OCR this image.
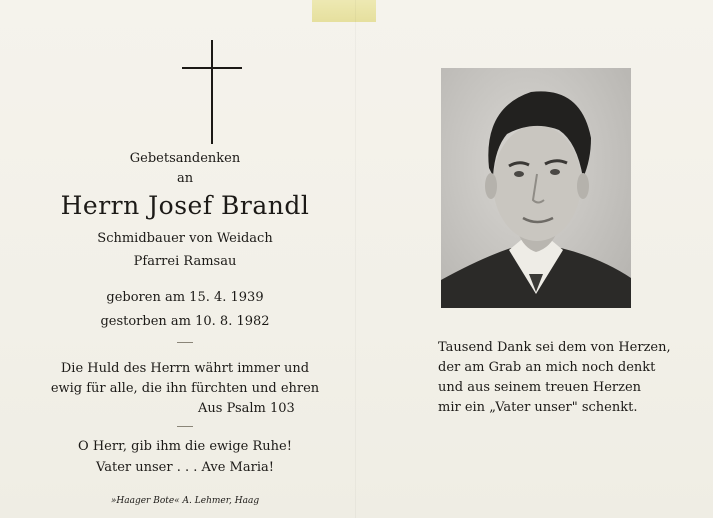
Gebetsandenken
an
Herrn Josef Brandl
Schmidbauer von Weidach
Pfarrei Ramsau
geboren am 15. 4. 1939
gestorben am 10. 8. 1982
Die Huld des Herrn währt immer und
ewig für alle, die ihn fürchten und ehren
Aus Psalm 103
O Herr, gib ihm die ewige Ruhe!
Vater unser . . . Ave Maria!
»Haager Bote« A. Lehmer, Haag

Tausend Dank sei dem von Herzen,

der am Grab an mich noch denkt

und aus seinem treuen Herzen

mir ein „Vater unser" schenkt.
